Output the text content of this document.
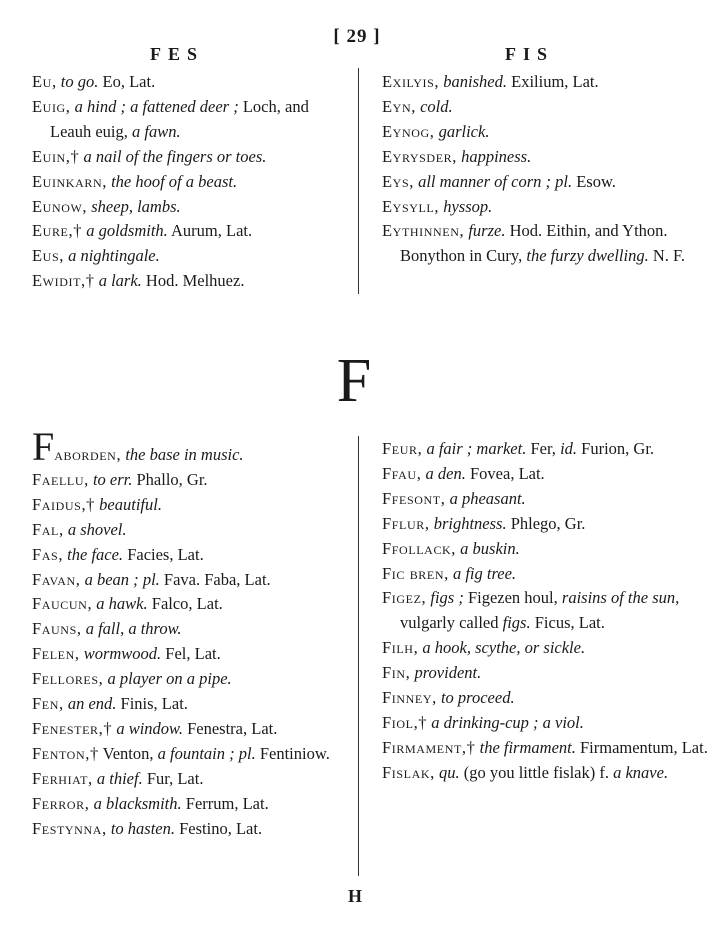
[ 29 ]
FES	FIS
Eu, to go. Eo, Lat.
Euig, a hind ; a fattened deer ; Loch, and Leauh euig, a fawn.
Euin,† a nail of the fingers or toes.
Euinkarn, the hoof of a beast.
Eunow, sheep, lambs.
Eure,† a goldsmith. Aurum, Lat.
Eus, a nightingale.
Ewidit,† a lark. Hod. Melhuez.
Exilyis, banished. Exilium, Lat.
Eyn, cold.
Eynog, garlick.
Eyrysder, happiness.
Eys, all manner of corn ; pl. Esow.
Eysyll, hyssop.
Eythinnen, furze. Hod. Eithin, and Ython. Bonython in Cury, the furzy dwelling. N. F.
F
Faborden, the base in music.
Faellu, to err. Phallo, Gr.
Faidus,† beautiful.
Fal, a shovel.
Fas, the face. Facies, Lat.
Favan, a bean ; pl. Fava. Faba, Lat.
Faucun, a hawk. Falco, Lat.
Fauns, a fall, a throw.
Felen, wormwood. Fel, Lat.
Fellores, a player on a pipe.
Fen, an end. Finis, Lat.
Fenester,† a window. Fenestra, Lat.
Fenton,† Venton, a fountain ; pl. Fentiniow.
Ferhiat, a thief. Fur, Lat.
Ferror, a blacksmith. Ferrum, Lat.
Festynna, to hasten. Festino, Lat.
Feur, a fair ; market. Fer, id. Furion, Gr.
Ffau, a den. Fovea, Lat.
Ffesont, a pheasant.
Fflur, brightness. Phlego, Gr.
Ffollack, a buskin.
Fic bren, a fig tree.
Figez, figs ; Figezen houl, raisins of the sun, vulgarly called figs. Ficus, Lat.
Filh, a hook, scythe, or sickle.
Fin, provident.
Finney, to proceed.
Fiol,† a drinking-cup ; a viol.
Firmament,† the firmament. Firmamentum, Lat.
Fislak, qu. (go you little fislak) f. a knave.
H
